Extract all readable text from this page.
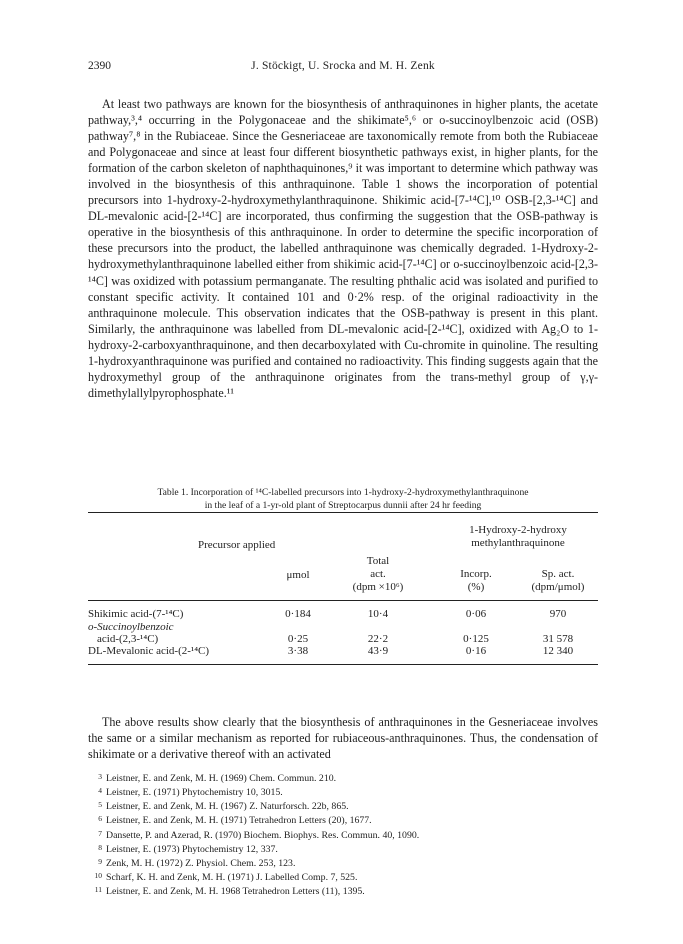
2390	J. Stöckigt, U. Srocka and M. H. Zenk

At least two pathways are known for the biosynthesis of anthraquinones in higher plants, the acetate pathway,³,⁴ occurring in the Polygonaceae and the shikimate⁵,⁶ or o-succinoylbenzoic acid (OSB) pathway⁷,⁸ in the Rubiaceae. Since the Gesneriaceae are taxonomically remote from both the Rubiaceae and Polygonaceae and since at least four different biosynthetic pathways exist, in higher plants, for the formation of the carbon skeleton of naphthaquinones,⁹ it was important to determine which pathway was involved in the biosynthesis of this anthraquinone. Table 1 shows the incorporation of potential precursors into 1-hydroxy-2-hydroxymethylanthraquinone. Shikimic acid-[7-¹⁴C],¹⁰ OSB-[2,3-¹⁴C] and DL-mevalonic acid-[2-¹⁴C] are incorporated, thus confirming the suggestion that the OSB-pathway is operative in the biosynthesis of this anthraquinone. In order to determine the specific incorporation of these precursors into the product, the labelled anthraquinone was chemically degraded. 1-Hydroxy-2-hydroxymethylanthraquinone labelled either from shikimic acid-[7-¹⁴C] or o-succinoylbenzoic acid-[2,3-¹⁴C] was oxidized with potassium permanganate. The resulting phthalic acid was isolated and purified to constant specific activity. It contained 101 and 0·2% resp. of the original radioactivity in the anthraquinone molecule. This observation indicates that the OSB-pathway is present in this plant. Similarly, the anthraquinone was labelled from DL-mevalonic acid-[2-¹⁴C], oxidized with Ag₂O to 1-hydroxy-2-carboxyanthraquinone, and then decarboxylated with Cu-chromite in quinoline. The resulting 1-hydroxyanthraquinone was purified and contained no radioactivity. This finding suggests again that the hydroxymethyl group of the anthraquinone originates from the trans-methyl group of γ,γ-dimethylallylpyrophosphate.¹¹

Table 1. Incorporation of ¹⁴C-labelled precursors into 1-hydroxy-2-hydroxymethylanthraquinone
in the leaf of a 1-yr-old plant of Streptocarpus dunnii after 24 hr feeding
Precursor applied
1-Hydroxy-2-hydroxy
methylanthraquinone
μmol
Total
act.
(dpm ×10⁶)
Incorp.
(%)
Sp. act.
(dpm/μmol)
Shikimic acid-(7-¹⁴C)	0·184	10·4	0·06	970
o-Succinoylbenzoic
acid-(2,3-¹⁴C)	0·25	22·2	0·125	31 578
DL-Mevalonic acid-(2-¹⁴C)	3·38	43·9	0·16	12 340

The above results show clearly that the biosynthesis of anthraquinones in the Gesneriaceae involves the same or a similar mechanism as reported for rubiaceous-anthraquinones. Thus, the condensation of shikimate or a derivative thereof with an activated

3 Leistner, E. and Zenk, M. H. (1969) Chem. Commun. 210.
4 Leistner, E. (1971) Phytochemistry 10, 3015.
5 Leistner, E. and Zenk, M. H. (1967) Z. Naturforsch. 22b, 865.
6 Leistner, E. and Zenk, M. H. (1971) Tetrahedron Letters (20), 1677.
7 Dansette, P. and Azerad, R. (1970) Biochem. Biophys. Res. Commun. 40, 1090.
8 Leistner, E. (1973) Phytochemistry 12, 337.
9 Zenk, M. H. (1972) Z. Physiol. Chem. 253, 123.
10 Scharf, K. H. and Zenk, M. H. (1971) J. Labelled Comp. 7, 525.
11 Leistner, E. and Zenk, M. H. 1968 Tetrahedron Letters (11), 1395.
